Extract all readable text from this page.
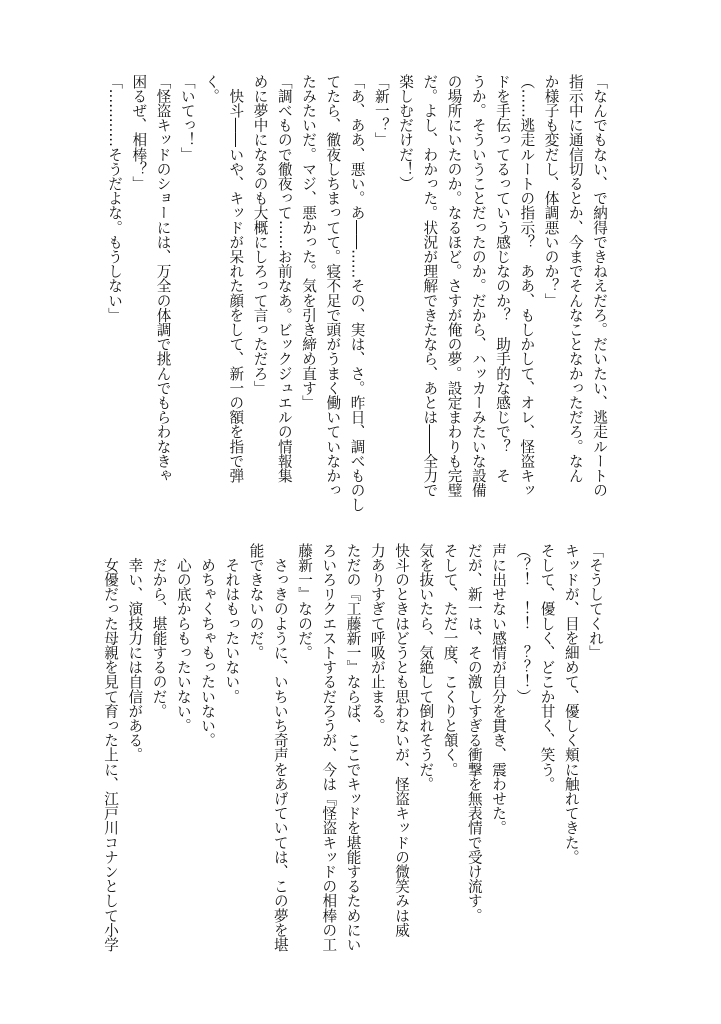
「なんでもない、で納得できねえだろ。だいたい、逃走ルートの
指示中に通信切るとか、今までそんなことなかっただろ。なん
か様子も変だし、体調悪いのか？」
（……逃走ルートの指示？　ああ、もしかして、オレ、怪盗キッ
ドを手伝ってるっていう感じなのか？　助手的な感じで？　そ
うか。そういうことだったのか。だから、ハッカーみたいな設備
の場所にいたのか。なるほど。さすが俺の夢。設定まわりも完璧
だ。よし、わかった。状況が理解できたなら、あとは――全力で
楽しむだけだ！）
「新一？」
「あ、ああ、悪い。あ――……その、実は、さ。昨日、調べものし
てたら、徹夜しちまってて。寝不足で頭がうまく働いていなかっ
たみたいだ。マジ、悪かった。気を引き締め直す」
「調べもので徹夜って……お前なあ。ビックジュエルの情報集
めに夢中になるのも大概にしろって言っただろ」
　快斗――いや、キッドが呆れた顔をして、新一の額を指で弾
く。
「いてっ！」
「怪盗キッドのショーには、万全の体調で挑んでもらわなきゃ
困るぜ、相棒？」
「…………そうだよな。もうしない」
「そうしてくれ」
キッドが、目を細めて、優しく頬に触れてきた。
そして、優しく、どこか甘く、笑う。
（？！　！！　？？！）
声に出せない感情が自分を貫き、震わせた。
だが、新一は、その激しすぎる衝撃を無表情で受け流す。
そして、ただ一度、こくりと頷く。
気を抜いたら、気絶して倒れそうだ。
快斗のときはどうとも思わないが、怪盗キッドの微笑みは威
力ありすぎて呼吸が止まる。
ただの『工藤新一』ならば、ここでキッドを堪能するためにい
ろいろリクエストするだろうが、今は『怪盗キッドの相棒の工
藤新一』なのだ。
　さっきのように、いちいち奇声をあげていては、この夢を堪
能できないのだ。
　それはもったいない。
　めちゃくちゃもったいない。
　心の底からもったいない。
　だから、堪能するのだ。
　幸い、演技力には自信がある。
　女優だった母親を見て育った上に、江戸川コナンとして小学
